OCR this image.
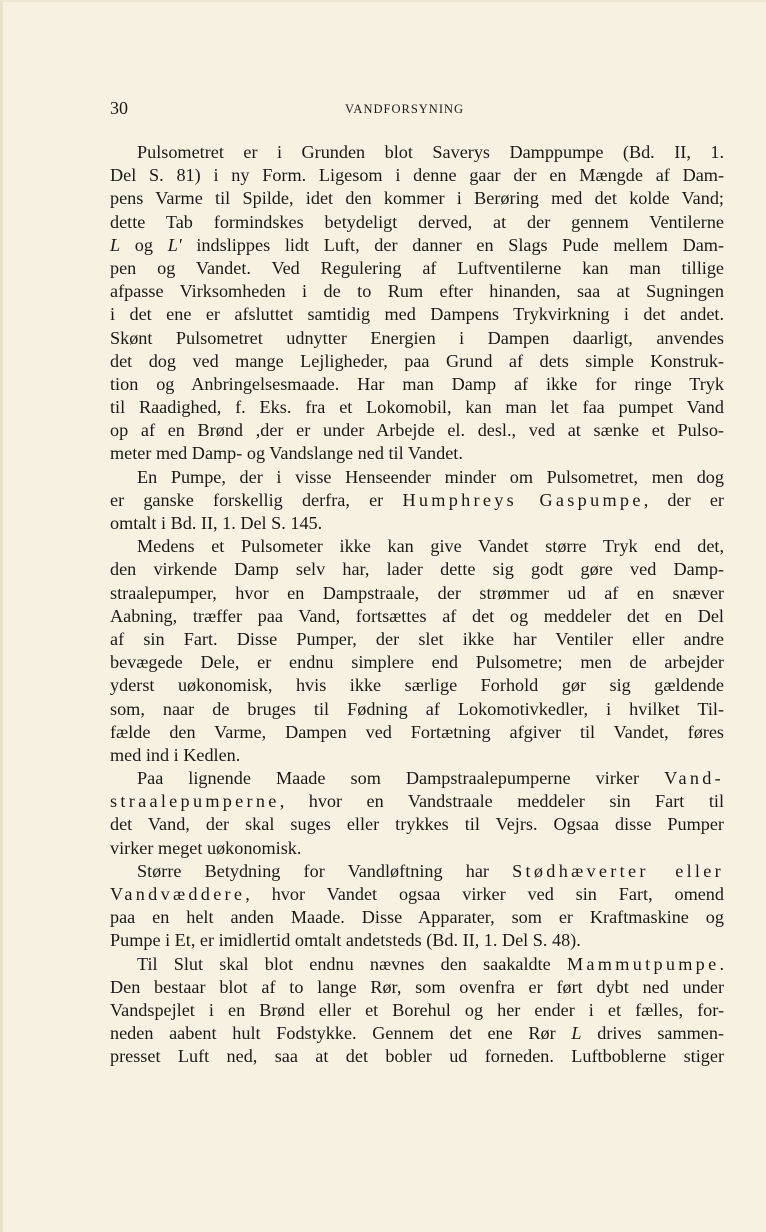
30	VANDFORSYNING
Pulsometret er i Grunden blot Saverys Damppumpe (Bd. II, 1.
Del S. 81) i ny Form. Ligesom i denne gaar der en Mængde af Dam-
pens Varme til Spilde, idet den kommer i Berøring med det kolde Vand;
dette Tab formindskes betydeligt derved, at der gennem Ventilerne
L og L' indslippes lidt Luft, der danner en Slags Pude mellem Dam-
pen og Vandet. Ved Regulering af Luftventilerne kan man tillige
afpasse Virksomheden i de to Rum efter hinanden, saa at Sugningen
i det ene er afsluttet samtidig med Dampens Trykvirkning i det andet.
Skønt Pulsometret udnytter Energien i Dampen daarligt, anvendes
det dog ved mange Lejligheder, paa Grund af dets simple Konstruk-
tion og Anbringelsesmaade. Har man Damp af ikke for ringe Tryk
til Raadighed, f. Eks. fra et Lokomobil, kan man let faa pumpet Vand
op af en Brønd ,der er under Arbejde el. desl., ved at sænke et Pulso-
meter med Damp- og Vandslange ned til Vandet.
En Pumpe, der i visse Henseender minder om Pulsometret, men dog
er ganske forskellig derfra, er Humphreys Gaspumpe, der er
omtalt i Bd. II, 1. Del S. 145.
Medens et Pulsometer ikke kan give Vandet større Tryk end det,
den virkende Damp selv har, lader dette sig godt gøre ved Damp-
straalepumper, hvor en Dampstraale, der strømmer ud af en snæver
Aabning, træffer paa Vand, fortsættes af det og meddeler det en Del
af sin Fart. Disse Pumper, der slet ikke har Ventiler eller andre
bevægede Dele, er endnu simplere end Pulsometre; men de arbejder
yderst uøkonomisk, hvis ikke særlige Forhold gør sig gældende
som, naar de bruges til Fødning af Lokomotivkedler, i hvilket Til-
fælde den Varme, Dampen ved Fortætning afgiver til Vandet, føres
med ind i Kedlen.
Paa lignende Maade som Dampstraalepumperne virker Vand-
straalepumperne, hvor en Vandstraale meddeler sin Fart til
det Vand, der skal suges eller trykkes til Vejrs. Ogsaa disse Pumper
virker meget uøkonomisk.
Større Betydning for Vandløftning har Stødhæverter eller
Vandvæddere, hvor Vandet ogsaa virker ved sin Fart, omend
paa en helt anden Maade. Disse Apparater, som er Kraftmaskine og
Pumpe i Et, er imidlertid omtalt andetsteds (Bd. II, 1. Del S. 48).
Til Slut skal blot endnu nævnes den saakaldte Mammutpumpe.
Den bestaar blot af to lange Rør, som ovenfra er ført dybt ned under
Vandspejlet i en Brønd eller et Borehul og her ender i et fælles, for-
neden aabent hult Fodstykke. Gennem det ene Rør L drives sammen-
presset Luft ned, saa at det bobler ud forneden. Luftboblerne stiger
